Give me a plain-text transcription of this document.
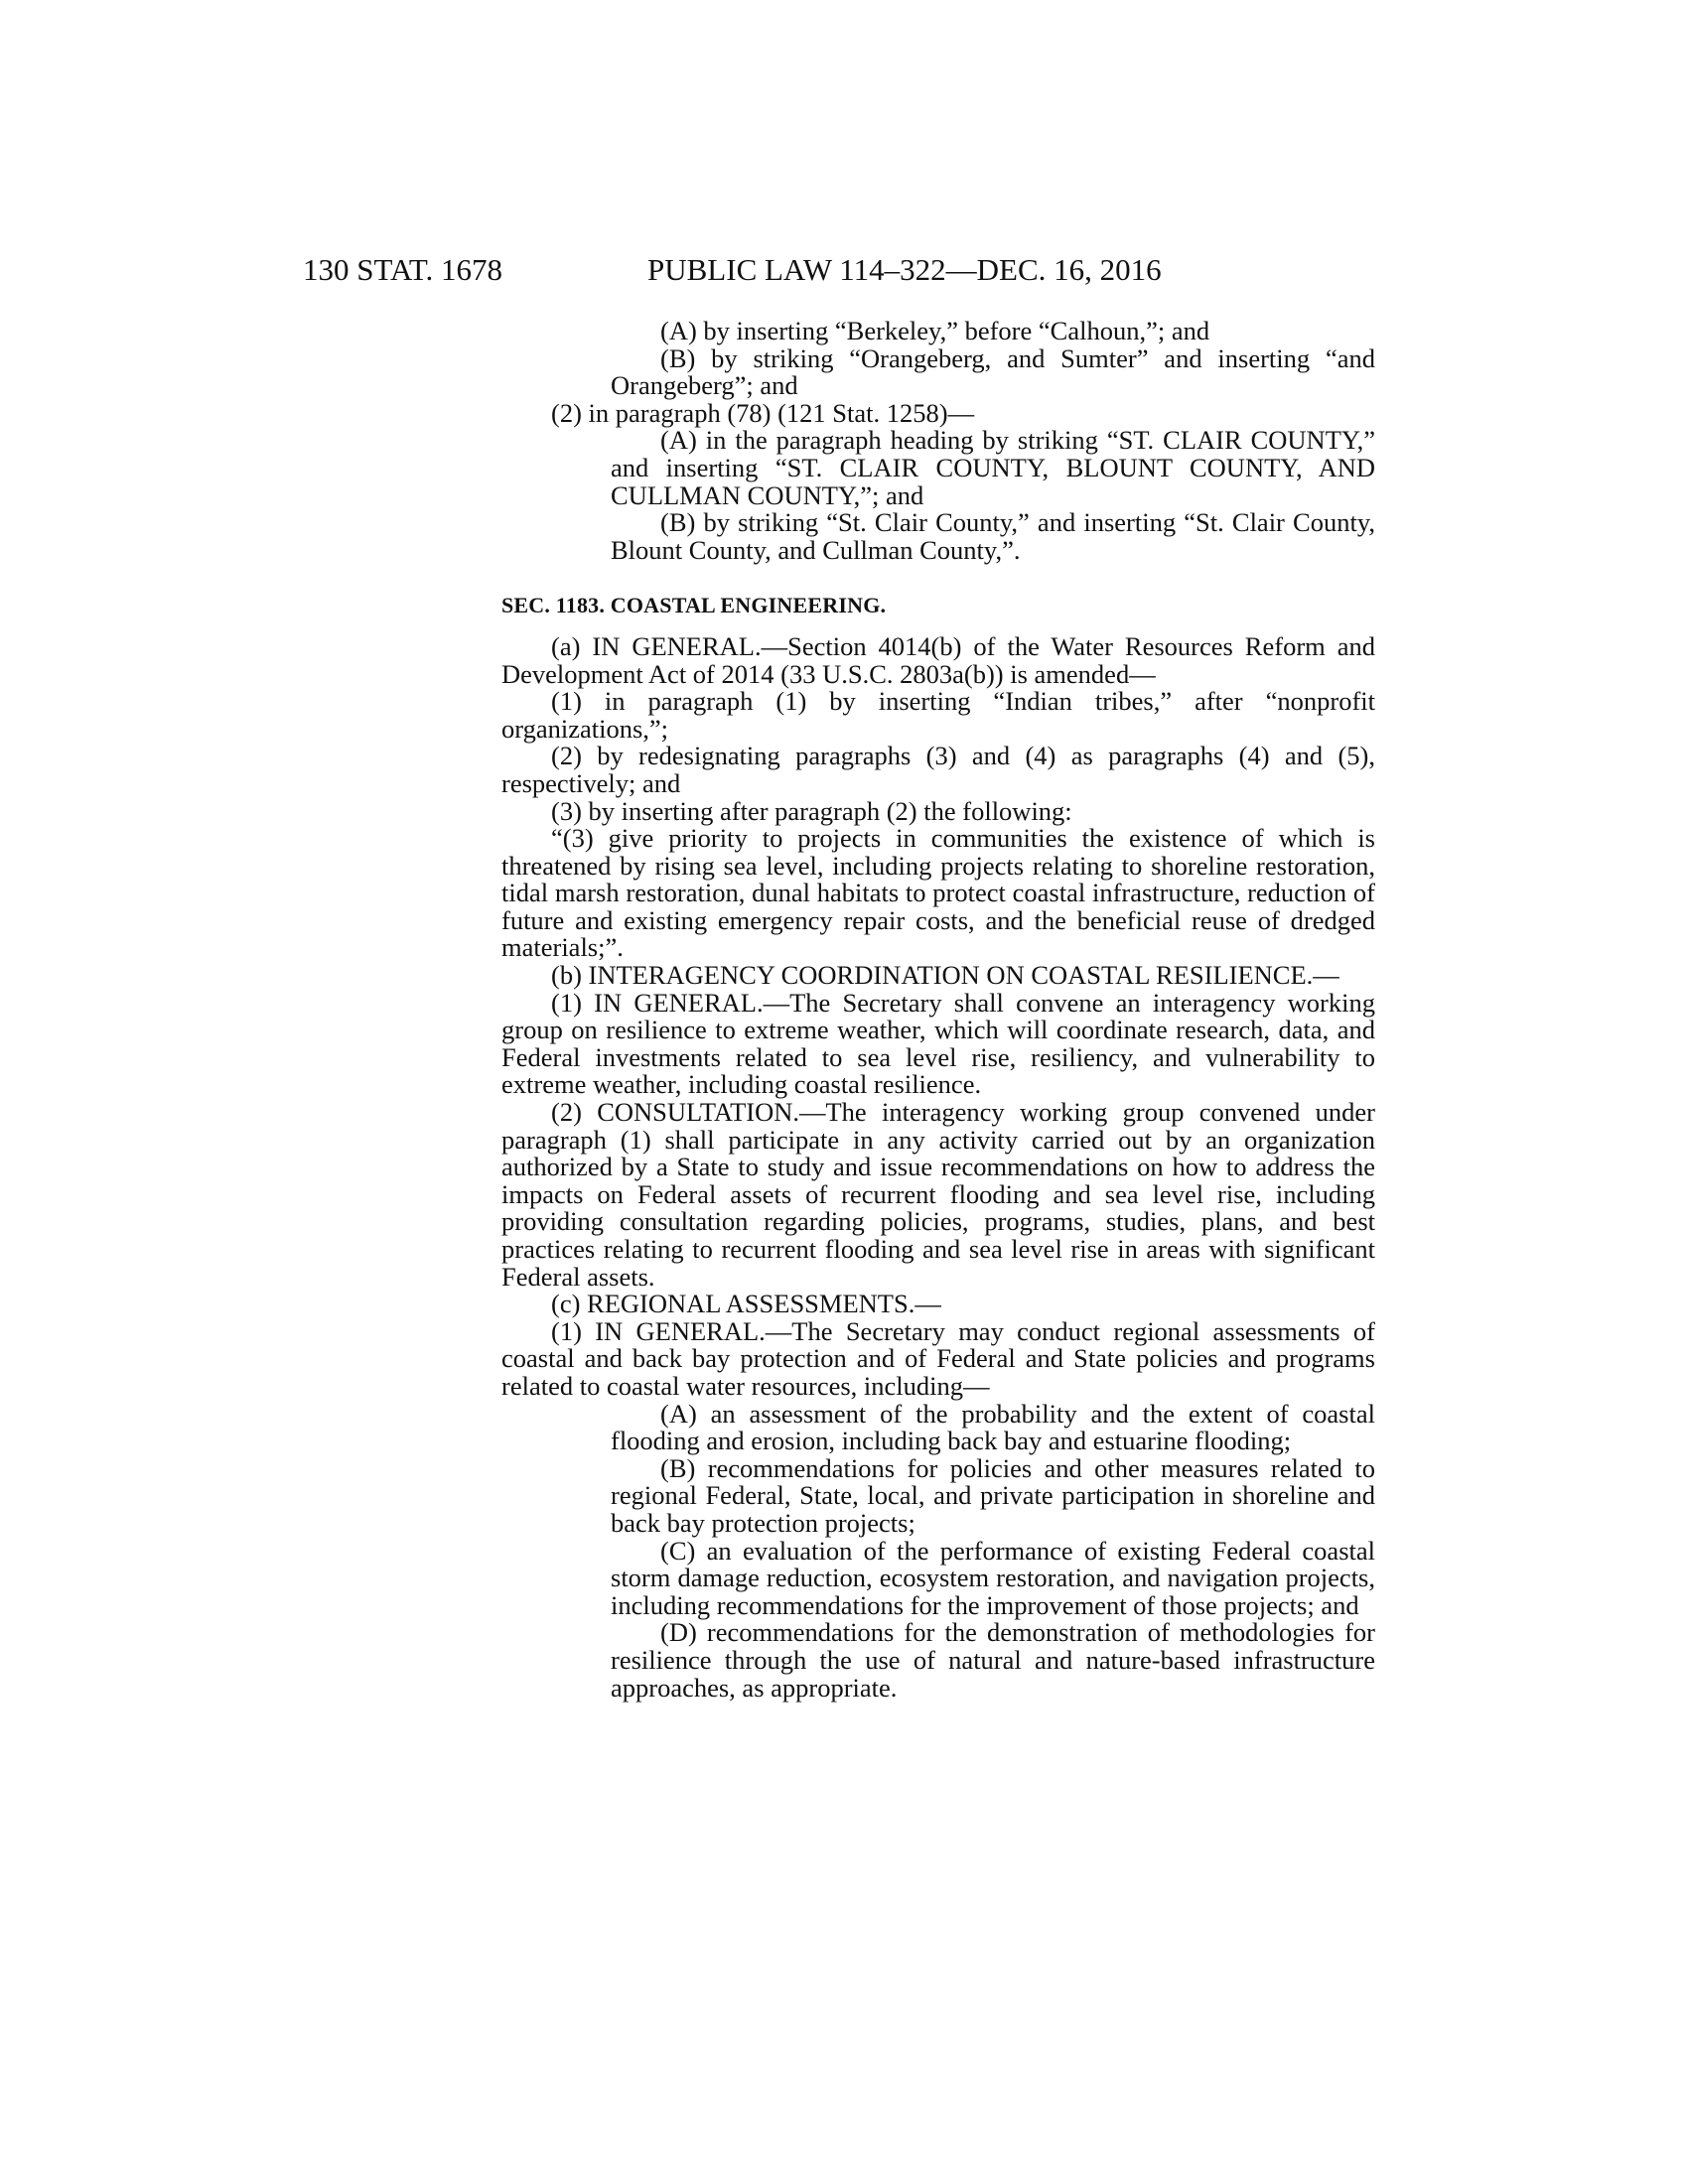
130 STAT. 1678	PUBLIC LAW 114–322—DEC. 16, 2016

(A) by inserting “Berkeley,” before “Calhoun,”; and

(B) by striking “Orangeberg, and Sumter” and inserting “and Orangeberg”; and

(2) in paragraph (78) (121 Stat. 1258)—

(A) in the paragraph heading by striking “ST. CLAIR COUNTY,” and inserting “ST. CLAIR COUNTY, BLOUNT COUNTY, AND CULLMAN COUNTY,”; and

(B) by striking “St. Clair County,” and inserting “St. Clair County, Blount County, and Cullman County,”.

SEC. 1183. COASTAL ENGINEERING.

(a) IN GENERAL.—Section 4014(b) of the Water Resources Reform and Development Act of 2014 (33 U.S.C. 2803a(b)) is amended—

(1) in paragraph (1) by inserting “Indian tribes,” after “nonprofit organizations,”;

(2) by redesignating paragraphs (3) and (4) as paragraphs (4) and (5), respectively; and

(3) by inserting after paragraph (2) the following:

“(3) give priority to projects in communities the existence of which is threatened by rising sea level, including projects relating to shoreline restoration, tidal marsh restoration, dunal habitats to protect coastal infrastructure, reduction of future and existing emergency repair costs, and the beneficial reuse of dredged materials;”.

(b) INTERAGENCY COORDINATION ON COASTAL RESILIENCE.—

(1) IN GENERAL.—The Secretary shall convene an interagency working group on resilience to extreme weather, which will coordinate research, data, and Federal investments related to sea level rise, resiliency, and vulnerability to extreme weather, including coastal resilience.

(2) CONSULTATION.—The interagency working group convened under paragraph (1) shall participate in any activity carried out by an organization authorized by a State to study and issue recommendations on how to address the impacts on Federal assets of recurrent flooding and sea level rise, including providing consultation regarding policies, programs, studies, plans, and best practices relating to recurrent flooding and sea level rise in areas with significant Federal assets.

(c) REGIONAL ASSESSMENTS.—

(1) IN GENERAL.—The Secretary may conduct regional assessments of coastal and back bay protection and of Federal and State policies and programs related to coastal water resources, including—

(A) an assessment of the probability and the extent of coastal flooding and erosion, including back bay and estuarine flooding;

(B) recommendations for policies and other measures related to regional Federal, State, local, and private participation in shoreline and back bay protection projects;

(C) an evaluation of the performance of existing Federal coastal storm damage reduction, ecosystem restoration, and navigation projects, including recommendations for the improvement of those projects; and

(D) recommendations for the demonstration of methodologies for resilience through the use of natural and nature-based infrastructure approaches, as appropriate.
